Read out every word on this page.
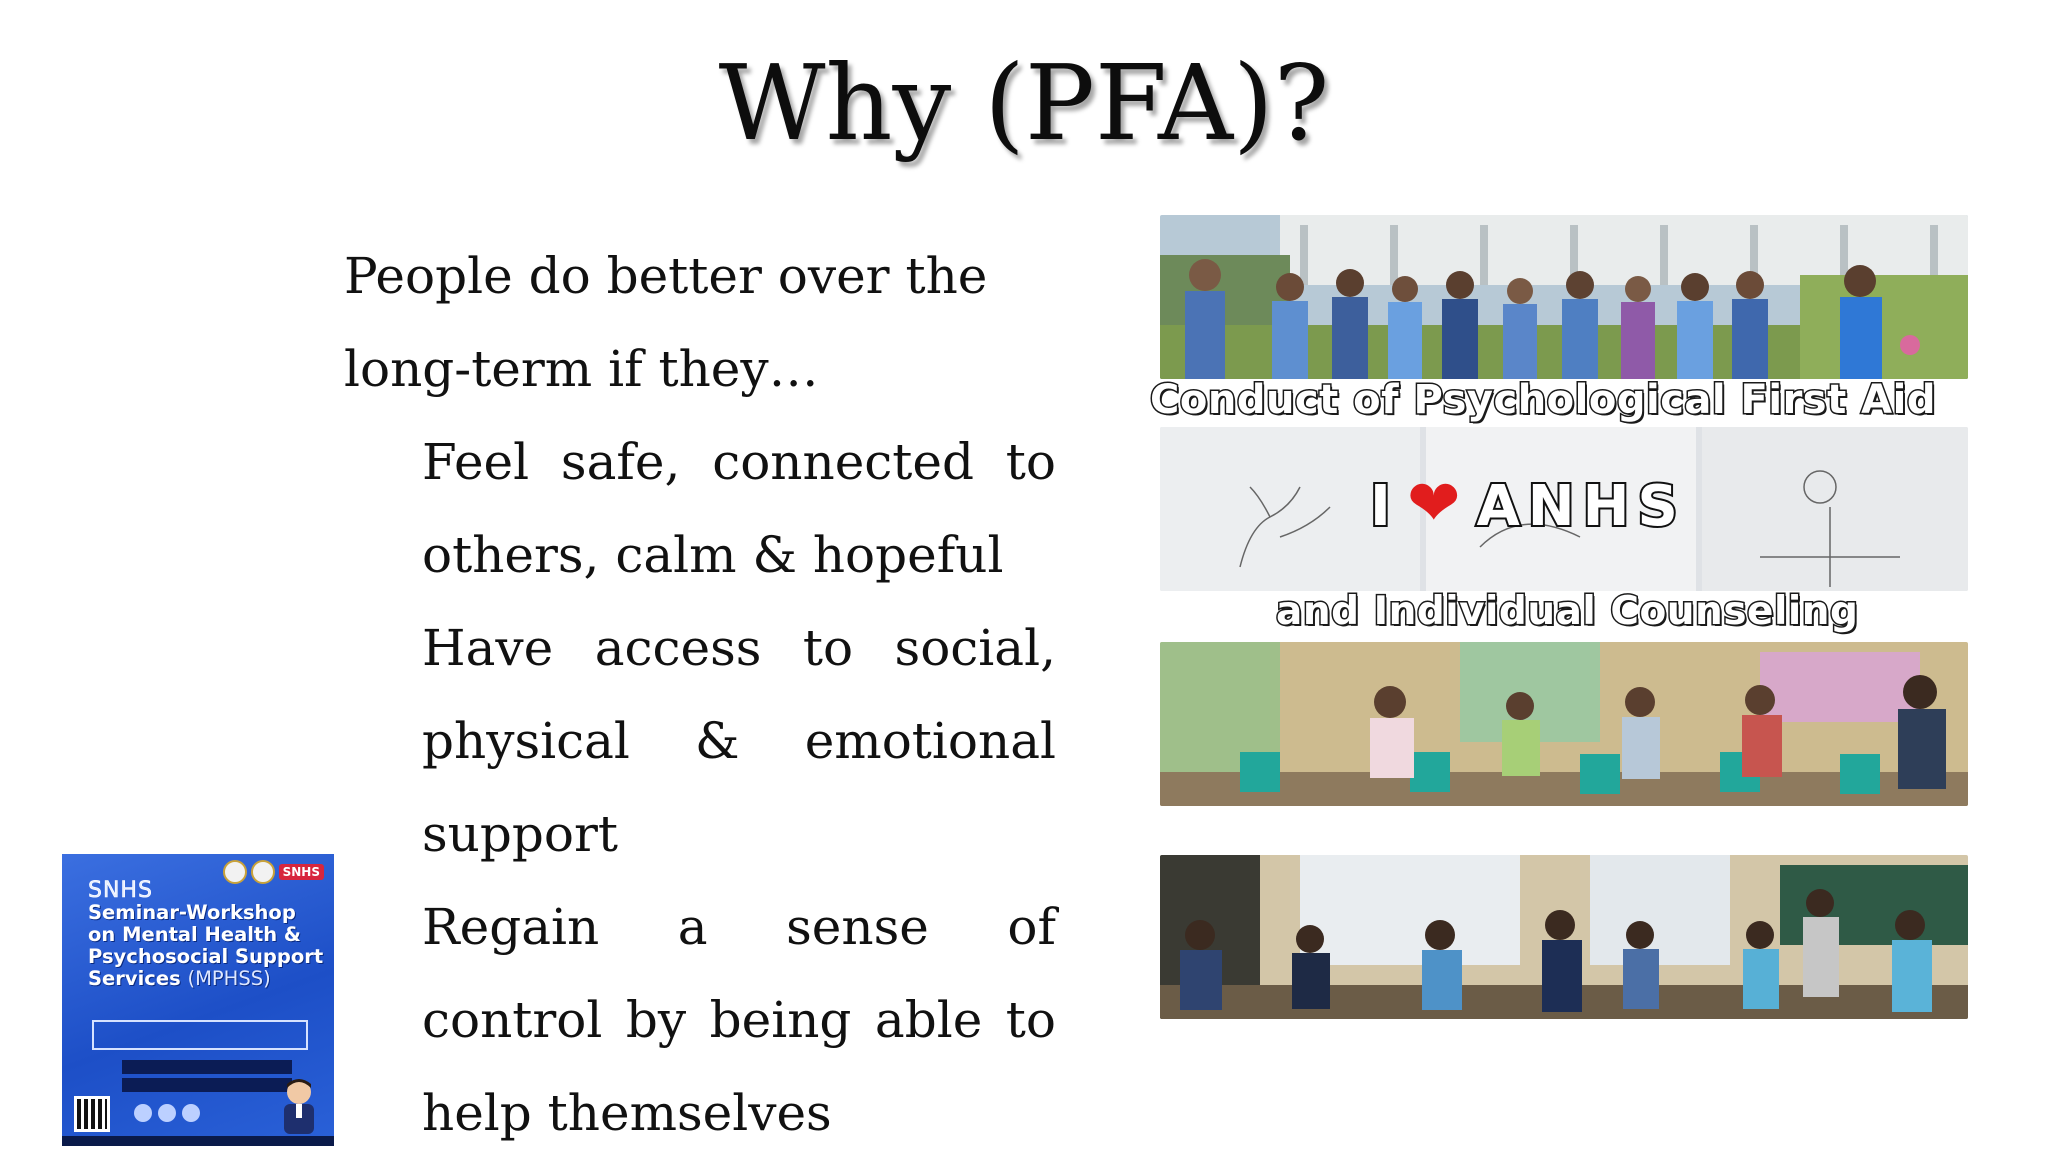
Why (PFA)?

People do better over the
long-term if they…

Feel safe, connected to others, calm & hopeful
Have access to social, physical & emotional support
Regain a sense of control by being able to help themselves
Conduct of Psychological First Aid
I ❤ ANHS
and Individual Counseling
SNHS
SNHS
Seminar-Workshop on Mental Health & Psychosocial Support Services (MPHSS)
